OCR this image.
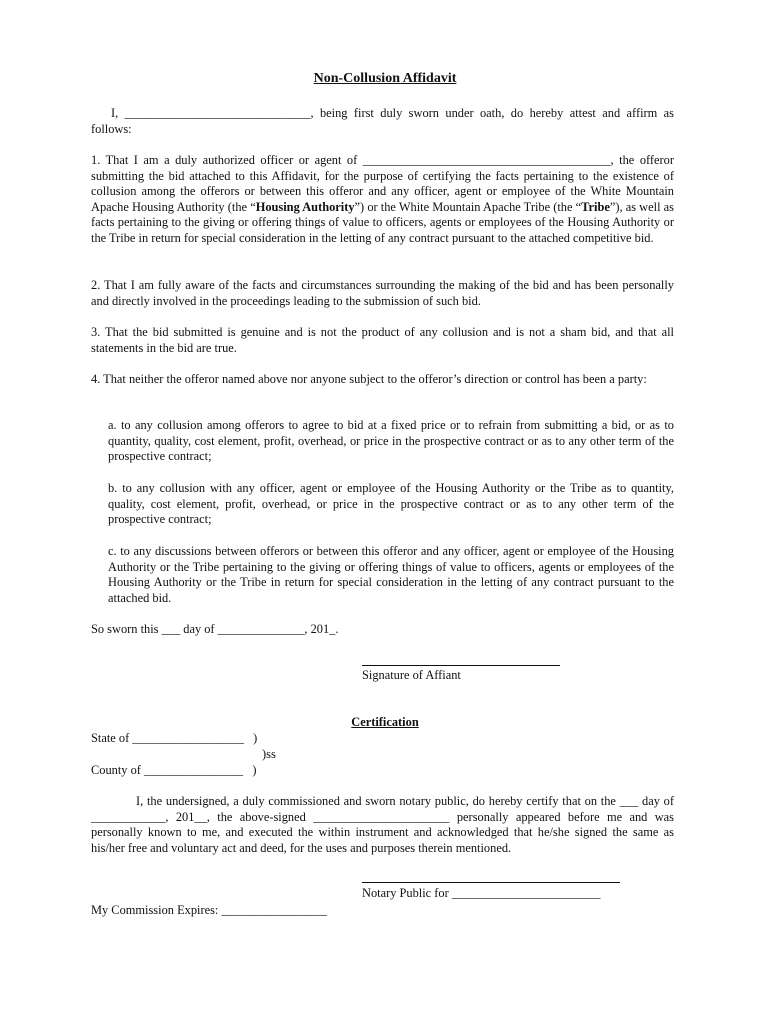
Non-Collusion Affidavit

I, ______________________________, being first duly sworn under oath, do hereby attest and affirm as follows:

1. That I am a duly authorized officer or agent of ________________________________________, the offeror submitting the bid attached to this Affidavit, for the purpose of certifying the facts pertaining to the existence of collusion among the offerors or between this offeror and any officer, agent or employee of the White Mountain Apache Housing Authority (the “Housing Authority”) or the White Mountain Apache Tribe (the “Tribe”), as well as facts pertaining to the giving or offering things of value to officers, agents or employees of the Housing Authority or the Tribe in return for special consideration in the letting of any contract pursuant to the attached competitive bid.

2. That I am fully aware of the facts and circumstances surrounding the making of the bid and has been personally and directly involved in the proceedings leading to the submission of such bid.

3. That the bid submitted is genuine and is not the product of any collusion and is not a sham bid, and that all statements in the bid are true.

4. That neither the offeror named above nor anyone subject to the offeror’s direction or control has been a party:

a. to any collusion among offerors to agree to bid at a fixed price or to refrain from submitting a bid, or as to quantity, quality, cost element, profit, overhead, or price in the prospective contract or as to any other term of the prospective contract;

b. to any collusion with any officer, agent or employee of the Housing Authority or the Tribe as to quantity, quality, cost element, profit, overhead, or price in the prospective contract or as to any other term of the prospective contract;

c. to any discussions between offerors or between this offeror and any officer, agent or employee of the Housing Authority or the Tribe pertaining to the giving or offering things of value to officers, agents or employees of the Housing Authority or the Tribe in return for special consideration in the letting of any contract pursuant to the attached bid.

So sworn this ___ day of ______________, 201_.

Signature of Affiant

Certification

State of __________________   )

)ss

County of ________________   )

I, the undersigned, a duly commissioned and sworn notary public, do hereby certify that on the ___ day of ____________, 201__, the above-signed ______________________ personally appeared before me and was personally known to me, and executed the within instrument and acknowledged that he/she signed the same as his/her free and voluntary act and deed, for the uses and purposes therein mentioned.

Notary Public for ________________________

My Commission Expires: _________________
